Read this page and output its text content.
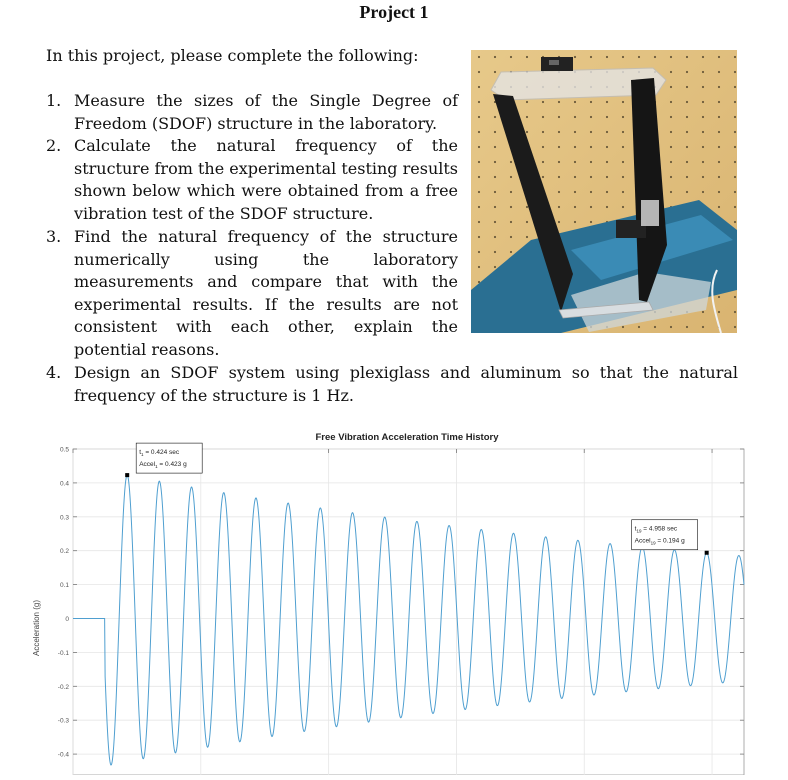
Project 1
In this project, please complete the following:
1. Measure the sizes of the Single Degree of Freedom (SDOF) structure in the laboratory.
2. Calculate the natural frequency of the structure from the experimental testing results shown below which were obtained from a free vibration test of the SDOF structure.
3. Find the natural frequency of the structure numerically using the laboratory measurements and compare that with the experimental results. If the results are not consistent with each other, explain the potential reasons.
4. Design an SDOF system using plexiglass and aluminum so that the natural frequency of the structure is 1 Hz.
Free Vibration Acceleration Time History
Acceleration (g)
0.5
0.4
0.3
0.2
0.1
0
-0.1
-0.2
-0.3
-0.4
$t_1 = 0.424$ sec
Accel$_1$ = 0.423 g
$t_{19} = 4.958$ sec
Accel$_{19}$ = 0.194 g
